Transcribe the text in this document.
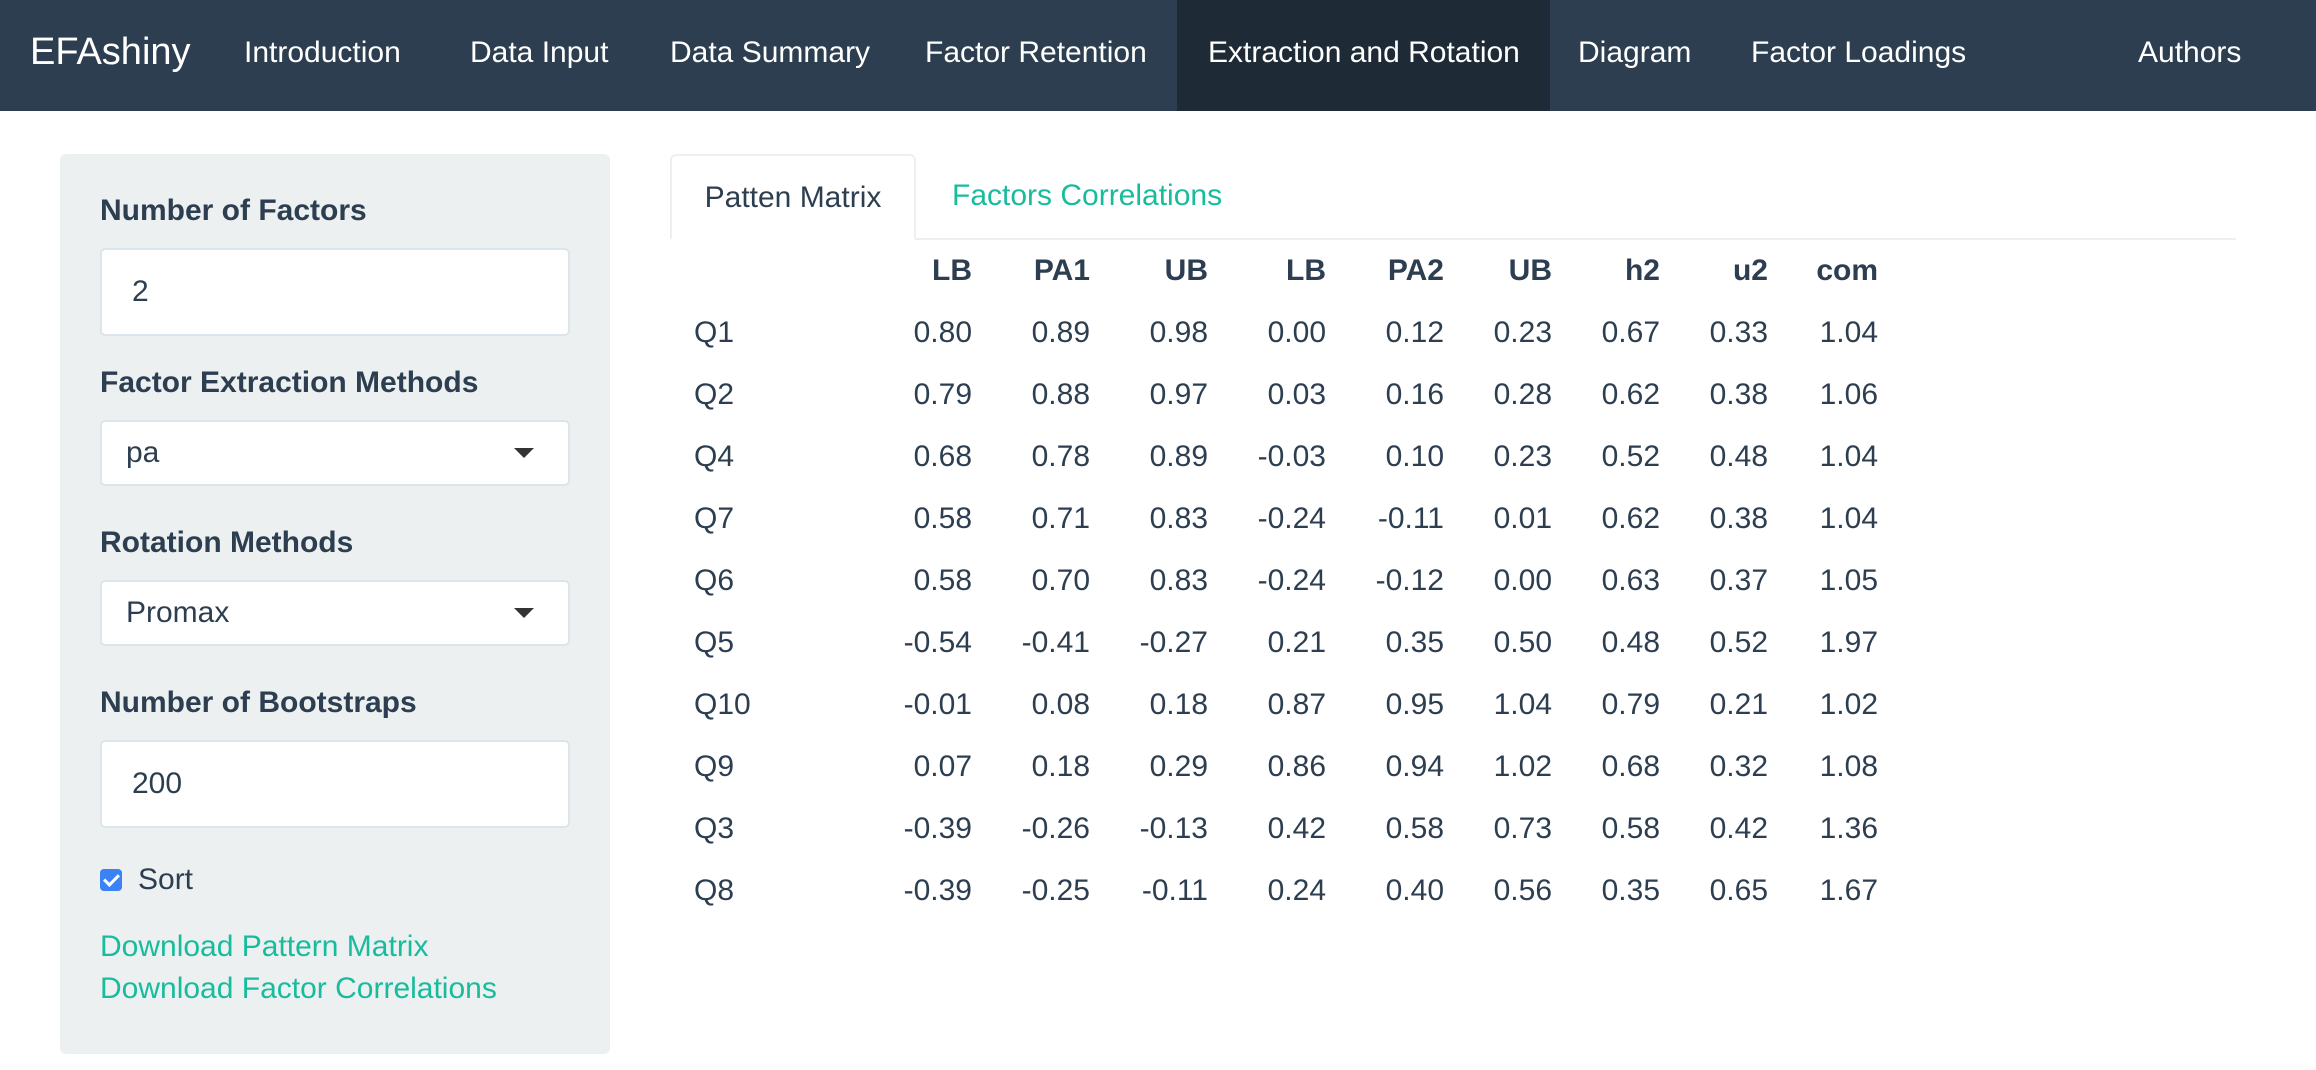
EFAshiny	Introduction	Data Input	Data Summary	Factor Retention	Extraction and Rotation	Diagram	Factor Loadings	Authors
Number of Factors
2
Factor Extraction Methods
pa
Rotation Methods
Promax
Number of Bootstraps
200
Sort
Download Pattern Matrix
Download Factor Correlations
Patten Matrix	Factors Correlations
	LB	PA1	UB	LB	PA2	UB	h2	u2	com
Q1	0.80	0.89	0.98	0.00	0.12	0.23	0.67	0.33	1.04
Q2	0.79	0.88	0.97	0.03	0.16	0.28	0.62	0.38	1.06
Q4	0.68	0.78	0.89	-0.03	0.10	0.23	0.52	0.48	1.04
Q7	0.58	0.71	0.83	-0.24	-0.11	0.01	0.62	0.38	1.04
Q6	0.58	0.70	0.83	-0.24	-0.12	0.00	0.63	0.37	1.05
Q5	-0.54	-0.41	-0.27	0.21	0.35	0.50	0.48	0.52	1.97
Q10	-0.01	0.08	0.18	0.87	0.95	1.04	0.79	0.21	1.02
Q9	0.07	0.18	0.29	0.86	0.94	1.02	0.68	0.32	1.08
Q3	-0.39	-0.26	-0.13	0.42	0.58	0.73	0.58	0.42	1.36
Q8	-0.39	-0.25	-0.11	0.24	0.40	0.56	0.35	0.65	1.67
